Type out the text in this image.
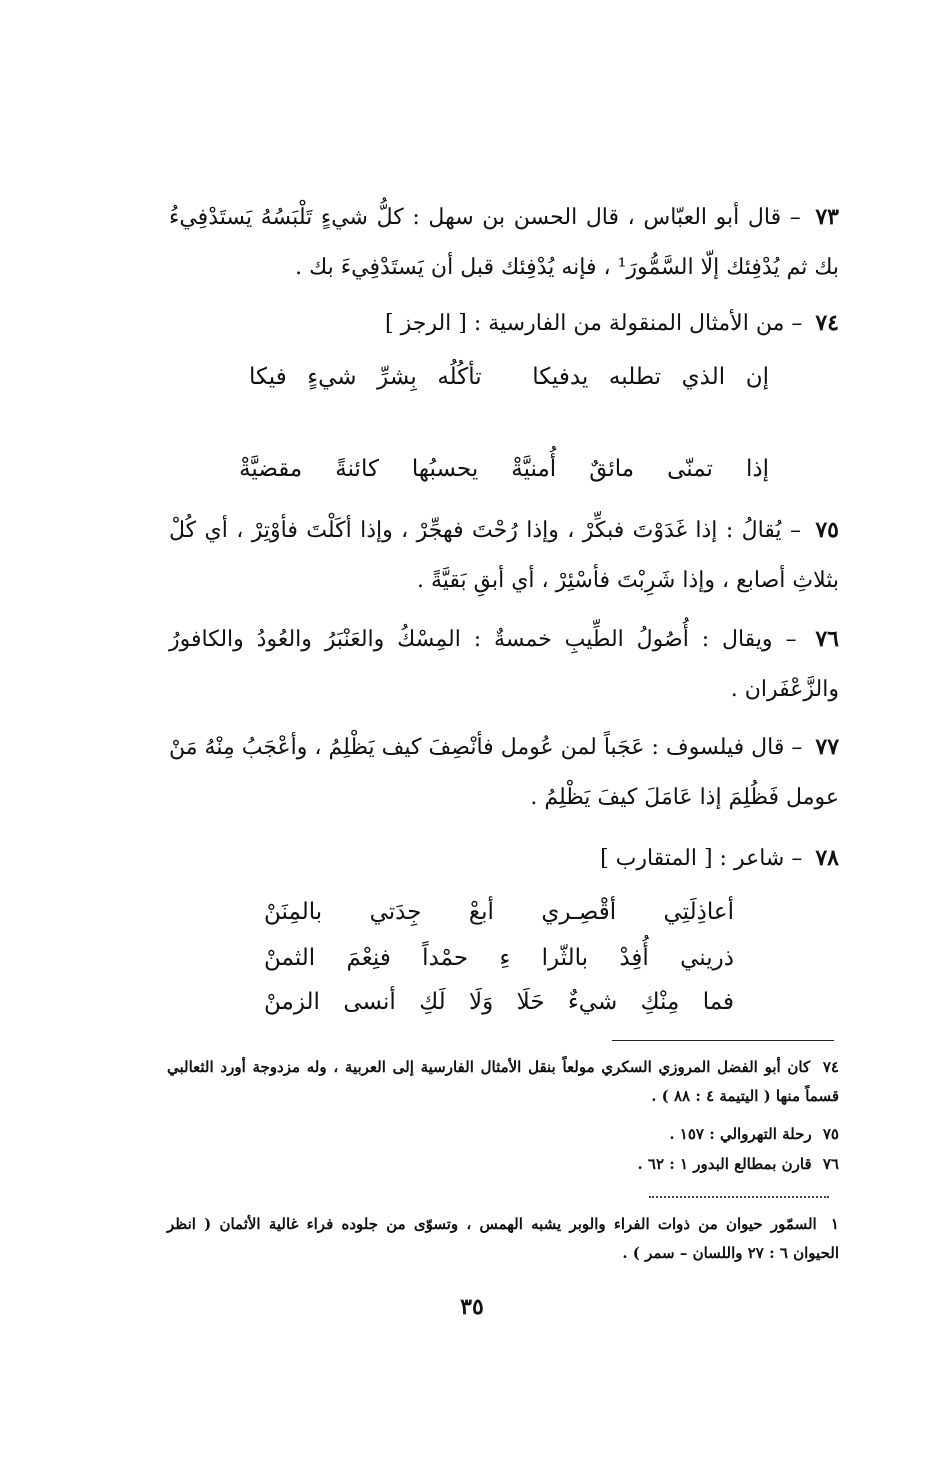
٧٣ – قال أبو العبّاس ، قال الحسن بن سهل : كلُّ شيءٍ تَلْبَسُهُ يَستَدْفِيءُ بك ثم يُدْفِئك إلّا السَّمُّورَ¹ ، فإنه يُدْفِئك قبل أن يَستَدْفِيءَ بك .
٧٤ – من الأمثال المنقولة من الفارسية : [ الرجز ]
إن
الذي
تطلبه
يدفيكا
تأكُلُه
بِشرِّ
شيءٍ
فيكا
إذا
تمنّى
مائقٌ
أُمنيَّةْ
يحسبُها
كائنةً
مقضيَّةْ
٧٥ – يُقالُ : إذا غَدَوْتَ فبكِّرْ ، وإذا رُحْتَ فهجِّرْ ، وإذا أكَلْتَ فأوْتِرْ ، أي كُلْ بثلاثِ أصابع ، وإذا شَرِبْتَ فأسْئِرْ ، أي أبقِ بَقيَّةً .
٧٦ – ويقال : أُصُولُ الطِّيبِ خمسةٌ : المِسْكُ والعَنْبَرُ والعُودُ والكافورُ والزَّعْفَران .
٧٧ – قال فيلسوف : عَجَباً لمن عُومل فأنْصِفَ كيف يَظْلِمُ ، وأعْجَبُ مِنْهُ مَنْ عومل فَظُلِمَ إذا عَامَلَ كيفَ يَظْلِمُ .
٧٨ – شاعر : [ المتقارب ]
أعاذِلَتِي
أقْصِـري
أبعْ
جِدَتي
بالمِنَنْ
ذريني
أُفِدْ
بالثّرا
ءِ
حمْداً
فنِعْمَ
الثمنْ
فما
مِنْكِ
شيءٌ
حَلَا
وَلَا
لَكِ
أنسى
الزمنْ
٧٤ كان أبو الفضل المروزي السكري مولعاً بنقل الأمثال الفارسية إلى العربية ، وله مزدوجة أورد الثعالبي قسماً منها ( اليتيمة ٤ : ٨٨ ) .
٧٥ رحلة التهروالي : ١٥٧ .
٧٦ قارن بمطالع البدور ١ : ٦٢ .
١ السمّور حيوان من ذوات الفراء والوبر يشبه الهمس ، وتسوّى من جلوده فراء غالية الأثمان ( انظر الحيوان ٦ : ٢٧ واللسان – سمر ) .
٣٥
